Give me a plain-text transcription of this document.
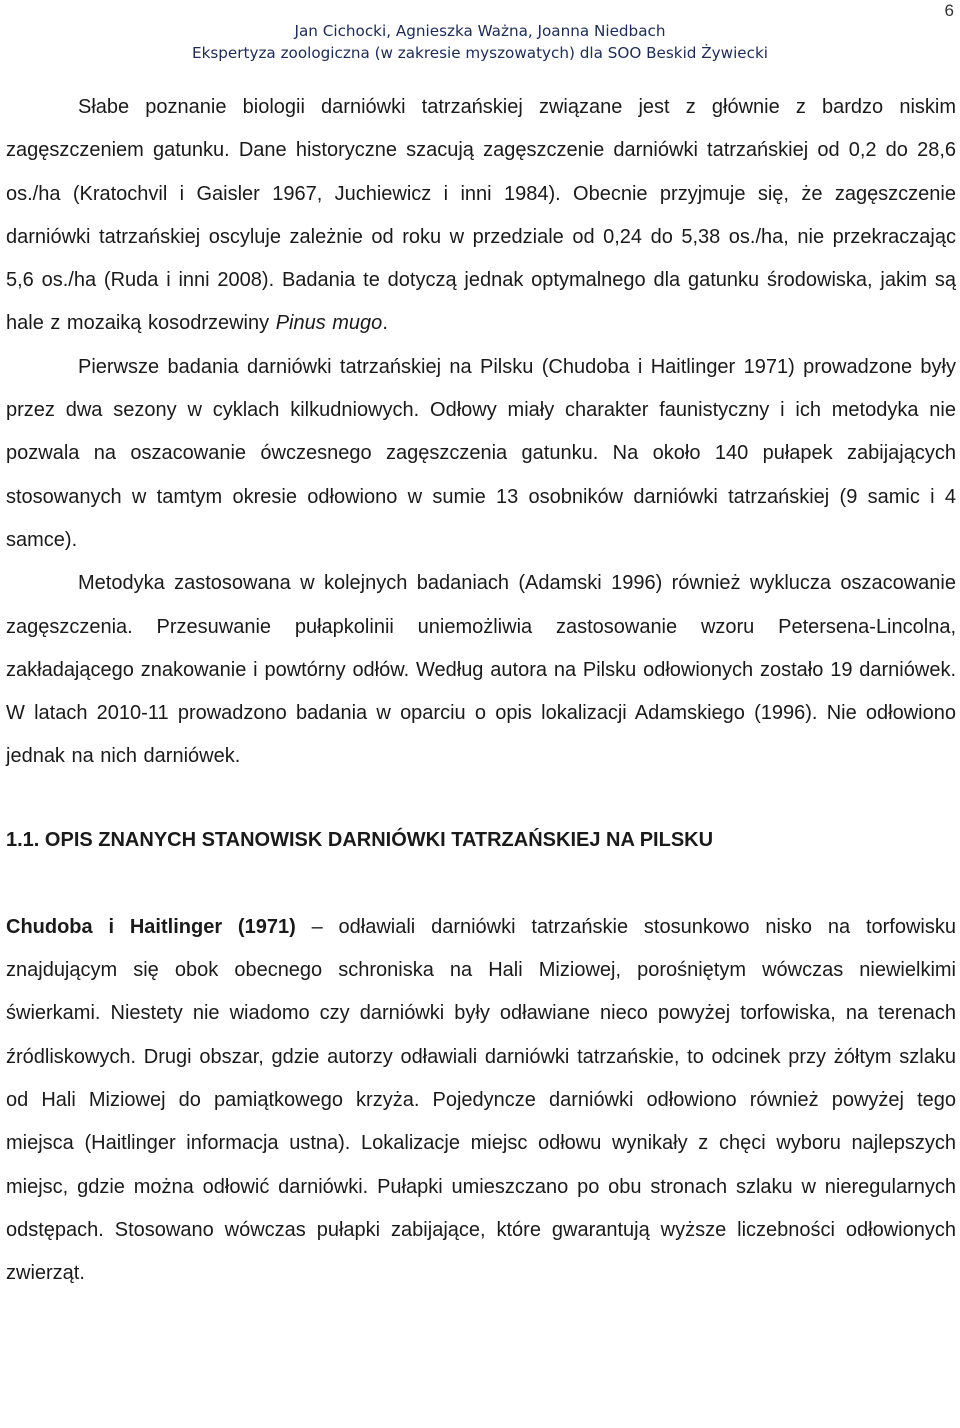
6
Jan Cichocki, Agnieszka Ważna, Joanna Niedbach
Ekspertyza zoologiczna (w zakresie myszowatych) dla SOO Beskid Żywiecki

Słabe poznanie biologii darniówki tatrzańskiej związane jest z głównie z bardzo niskim zagęszczeniem gatunku. Dane historyczne szacują zagęszczenie darniówki tatrzańskiej od 0,2 do 28,6 os./ha (Kratochvil i Gaisler 1967, Juchiewicz i inni 1984). Obecnie przyjmuje się, że zagęszczenie darniówki tatrzańskiej oscyluje zależnie od roku w przedziale od 0,24 do 5,38 os./ha, nie przekraczając 5,6 os./ha (Ruda i inni 2008). Badania te dotyczą jednak optymalnego dla gatunku środowiska, jakim są hale z mozaiką kosodrzewiny Pinus mugo.

Pierwsze badania darniówki tatrzańskiej na Pilsku (Chudoba i Haitlinger 1971) prowadzone były przez dwa sezony w cyklach kilkudniowych. Odłowy miały charakter faunistyczny i ich metodyka nie pozwala na oszacowanie ówczesnego zagęszczenia gatunku. Na około 140 pułapek zabijających stosowanych w tamtym okresie odłowiono w sumie 13 osobników darniówki tatrzańskiej (9 samic i 4 samce).

Metodyka zastosowana w kolejnych badaniach (Adamski 1996) również wyklucza oszacowanie zagęszczenia. Przesuwanie pułapkolinii uniemożliwia zastosowanie wzoru Petersena-Lincolna, zakładającego znakowanie i powtórny odłów. Według autora na Pilsku odłowionych zostało 19 darniówek. W latach 2010-11 prowadzono badania w oparciu o opis lokalizacji Adamskiego (1996). Nie odłowiono jednak na nich darniówek.

1.1. OPIS ZNANYCH STANOWISK DARNIÓWKI TATRZAŃSKIEJ NA PILSKU

Chudoba i Haitlinger (1971) – odławiali darniówki tatrzańskie stosunkowo nisko na torfowisku znajdującym się obok obecnego schroniska na Hali Miziowej, porośniętym wówczas niewielkimi świerkami. Niestety nie wiadomo czy darniówki były odławiane nieco powyżej torfowiska, na terenach źródliskowych. Drugi obszar, gdzie autorzy odławiali darniówki tatrzańskie, to odcinek przy żółtym szlaku od Hali Miziowej do pamiątkowego krzyża. Pojedyncze darniówki odłowiono również powyżej tego miejsca (Haitlinger informacja ustna). Lokalizacje miejsc odłowu wynikały z chęci wyboru najlepszych miejsc, gdzie można odłowić darniówki. Pułapki umieszczano po obu stronach szlaku w nieregularnych odstępach. Stosowano wówczas pułapki zabijające, które gwarantują wyższe liczebności odłowionych zwierząt.
